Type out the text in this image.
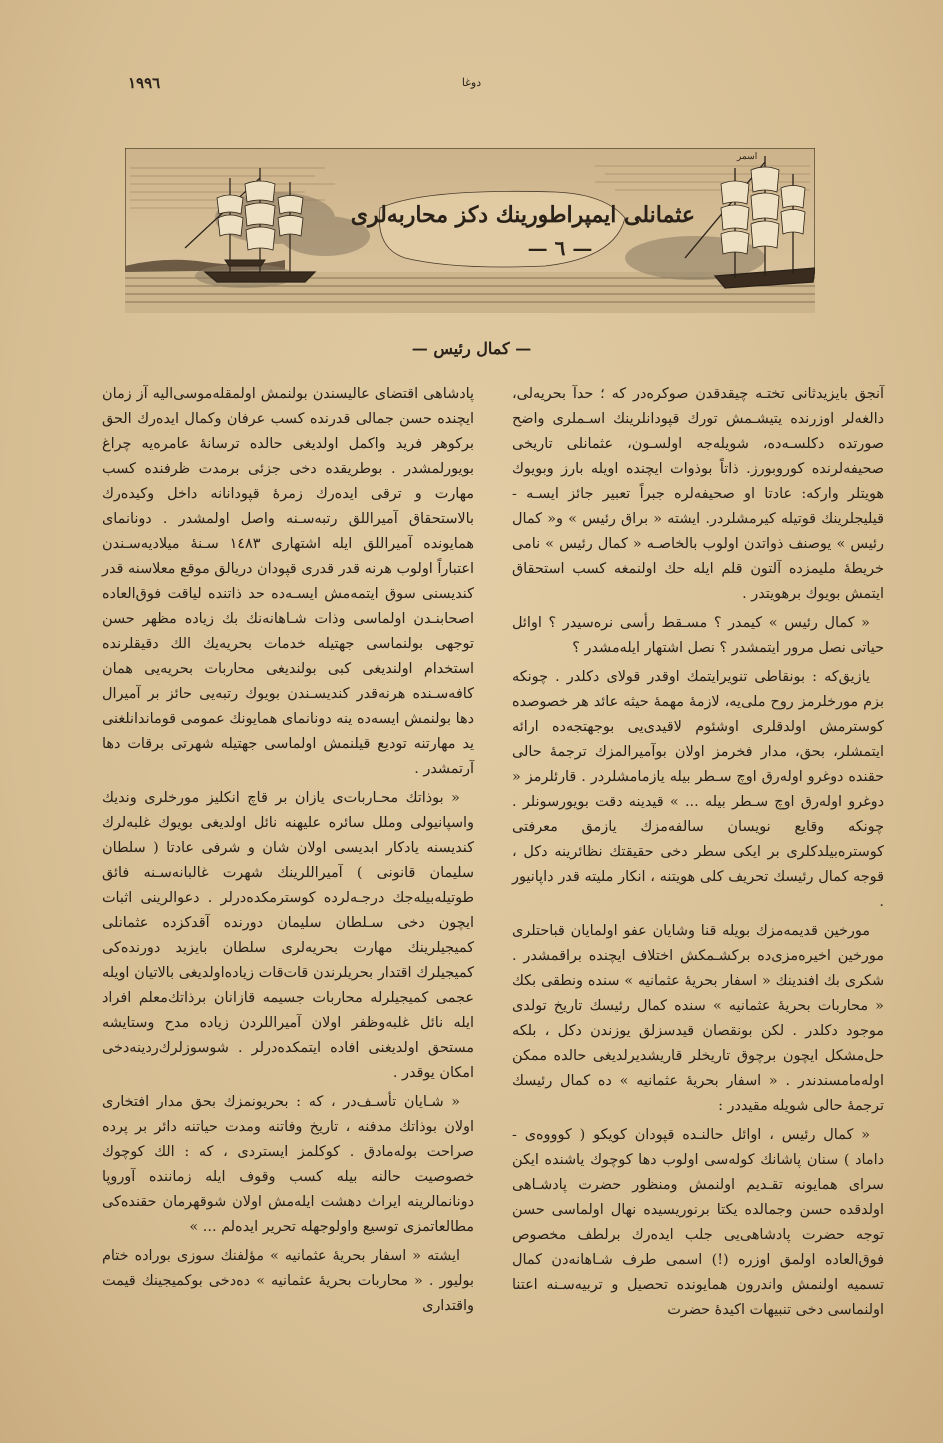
١٩٩٦	دوغا
اسمر
عثمانلی ایمپراطورینك دكز محاربه‌لری
— ٦ —
— كمال رئیس —

آنجق بایزیدثانی تختـه چیقدقدن صوكره‌در كه ؛ حدآ بحریه‌لی، دالغه‌لر اوزرنده یتیشـمش تورك قپودانلرینك اسـملری واضح صورتده دكلسـه‌ده، شویله‌جه اولسـون، عثمانلی تاریخی صحیفه‌لرنده كوروبورز. ذاتاً بوذوات ایچنده اویله بارز وبویوك هویتلر واركه: عادتا او صحیفه‌لره جبراً تعبیر جائز ایسـه - قیلیجلرینك قوتیله كیرمشلردر. ایشته « براق رئیس » و« كمال رئیس » یوصنف ذواتدن اولوب بالخاصـه « كمال رئیس » نامی خریطهٔ ملیمزده آلتون قلم ایله حك اولنمغه كسب استحقاق ایتمش بویوك برهویتدر .

« كمال رئیس » كیمدر ؟ مسـقط رأسی نره‌سیدر ؟ اوائل حیاتی نصل مرور ایتمشدر ؟ نصل اشتهار ایله‌مشدر ؟

یازیق‌كه : بونقاطی تنویرایتمك اوقدر قولای دكلدر . چونكه بزم مورخلرمز روح ملی‌یه، لازمهٔ مهمهٔ حیثه عائد هر خصوصده كوسترمش اولدقلری اوشئوم لاقیدی‌یی بوجهتجه‌ده ارائه ایتمشلر، بحق، مدار فخرمز اولان بوآمیرالمزك ترجمهٔ حالی حقنده دوغرو اوله‌رق اوچ سـطر بیله یازمامشلردر . قارئلرمز « دوغرو اوله‌رق اوچ سـطر بیله ... » قیدینه دقت بویورسونلر . چونكه وقایع نویسان سالفه‌مزك یازمق معرفتی كوستره‌بیلدكلری بر ایكی سطر دخی حقیقتك نظائرینه دكل ، قوجه كمال رئیسك تحریف كلی هویتنه ، انكار ملیته قدر داپانیور .

مورخین قدیمه‌مزك بویله قنا وشایان عفو اولمایان قباحتلری مورخین اخیره‌مزی‌ده بركشـمكش اختلاف ایچنده براقمشدر . شكری بك افندینك « اسفار بحریهٔ عثمانیه » سنده ونطقی بكك « محاربات بحریهٔ عثمانیه » سنده كمال رئیسك تاریخ تولدی موجود دكلدر . لكن بونقصان قیدسزلق یوزندن دكل ، بلكه حل‌مشكل ایچون برچوق تاریخلر قاریشدیرلدیغی حالده ممكن اوله‌مامسندندر . « اسفار بحریهٔ عثمانیه » ده كمال رئیسك ترجمهٔ حالی شویله مقیددر :

« كمال رئیس ، اوائل حالنـده قپودان كویكو ( كوووه‌ی - داماد ) سنان پاشانك كوله‌سی اولوب دها كوچوك یاشنده ایكن سرای همایونه تقـدیم اولنمش ومنظور حضرت پادشـاهی اولدقده حسن وجمالده یكتا برنوریسیده نهال اولماسی حسن توجه حضرت پادشاهی‌یی جلب ایده‌رك برلطف مخصوص فوق‌العاده اولمق اوزره (!) اسمی طرف شـاهانه‌دن كمال تسمیه اولنمش واندرون همایونده تحصیل و تربیه‌سـنه اعتنا اولنماسی دخی تنبیهات اكیدهٔ حضرت

پادشاهی اقتضای عالیسندن بولنمش اولمقله‌موسی‌الیه آز زمان ایچنده حسن جمالی قدرنده كسب عرفان وكمال ایده‌رك الحق بركوهر فرید واكمل اولدیغی حالده ترسانهٔ عامره‌یه چراغ بویورلمشدر . بوطریقده دخی جزئی برمدت ظرفنده كسب مهارت و ترقی ایده‌رك زمرهٔ قپودانانه داخل وكیده‌رك بالاستحقاق آمیراللق رتبه‌سـنه واصل اولمشدر . دونانمای همایونده آمیراللق ایله اشتهاری ١٤٨٣ سـنهٔ میلادیه‌سـندن اعتباراً اولوب هرنه قدر قدری قپودان دریالق موقع معلاسنه قدر كندیسنی سوق ایتمه‌مش ایسـه‌ده حد ذاتنده لیاقت فوق‌العاده اصحابنـدن اولماسی وذات شـاهانه‌نك بك زیاده مظهر حسن توجهی بولنماسی جهتیله خدمات بحریه‌یك الك دقیقلرنده استخدام اولندیغی كبی بولندیغی محاربات بحریه‌یی همان كافه‌سـنده هرنه‌قدر كندیسـندن بویوك رتبه‌یی حائز بر آمیرال دها بولنمش ایسه‌ده ینه دونانمای همایونك عمومی قوماندانلغنی ید مهارتنه تودیع قیلنمش اولماسی جهتیله شهرتی برقات دها آرتمشدر .

« بوذاتك محـاربات‌ی یازان بر قاچ انكلیز مورخلری وندیك واسپانیولی وملل سائره علیهنه نائل اولدیغی بویوك غلبه‌لرك كندیسنه یادكار ابدیسی اولان شان و شرفی عادتا ( سلطان سلیمان قانونی ) آمیراللرینك شهرت غالبانه‌سـنه فائق طوتیله‌بیله‌جك درجـه‌لرده كوسترمكده‌درلر . دعوالرینی اثبات ایچون دخی سـلطان سلیمان دورنده آقدكزده عثمانلی كمیجیلرینك مهارت بحریه‌لری سلطان بایزید دورنده‌كی كمیجیلرك اقتدار بحریلرندن قات‌قات زیاده‌اولدیغی بالاتیان اویله عجمی كمیجیلرله محاربات جسیمه قازانان برذاتك‌معلم افراد ایله نائل غلبه‌وظفر اولان آمیراللردن زیاده مدح وستایشه مستحق اولدیغنی افاده ایتمكده‌درلر . شوسوزلرك‌ردینه‌دخی امكان یوقدر .

« شـایان تأسـف‌در ، كه : بحریونمزك بحق مدار افتخاری اولان بوذاتك مدفنه ، تاریخ وفاتنه ومدت حیاتنه دائر بر پرده صراحت بوله‌مادق . كوكلمز ایستردی ، كه : الك كوچوك خصوصیت حالنه بیله كسب وقوف ایله زماننده آوروپا دونانمالرینه ایراث دهشت ایله‌مش اولان شوقهرمان حقنده‌كی مطالعاتمزی توسیع واولوجهله تحریر ایده‌لم ... »

ایشته « اسفار بحریهٔ عثمانیه » مؤلفنك سوزی بوراده ختام بولیور . « محاربات بحریهٔ عثمانیه » ده‌دخی بوكمیجینك قیمت واقتداری
